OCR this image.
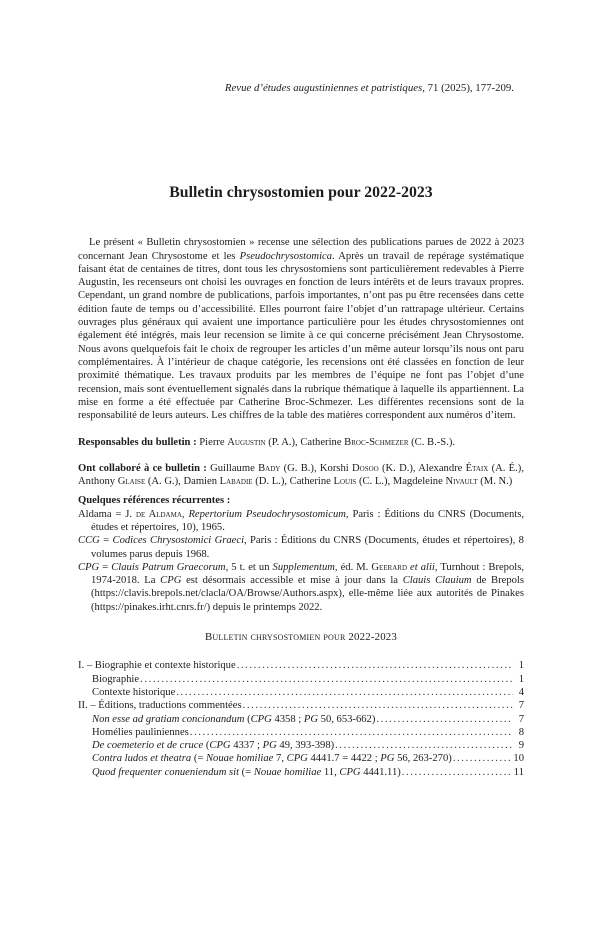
Revue d’études augustiniennes et patristiques, 71 (2025), 177-209.
Bulletin chrysostomien pour 2022-2023

Le présent « Bulletin chrysostomien » recense une sélection des publications parues de 2022 à 2023 concernant Jean Chrysostome et les Pseudochrysostomica. Après un travail de repérage systématique faisant état de centaines de titres, dont tous les chrysostomiens sont particulièrement redevables à Pierre Augustin, les recenseurs ont choisi les ouvrages en fonction de leurs intérêts et de leurs travaux propres. Cependant, un grand nombre de publications, parfois importantes, n’ont pas pu être recensées dans cette édition faute de temps ou d’accessibilité. Elles pourront faire l’objet d’un rattrapage ultérieur. Certains ouvrages plus généraux qui avaient une importance particulière pour les études chrysostomiennes ont également été intégrés, mais leur recension se limite à ce qui concerne précisément Jean Chrysostome. Nous avons quelquefois fait le choix de regrouper les articles d’un même auteur lorsqu’ils nous ont paru complémentaires. À l’intérieur de chaque catégorie, les recensions ont été classées en fonction de leur proximité thématique. Les travaux produits par les membres de l’équipe ne font pas l’objet d’une recension, mais sont éventuellement signalés dans la rubrique thématique à laquelle ils appartiennent. La mise en forme a été effectuée par Catherine Broc-Schmezer. Les différentes recensions sont de la responsabilité de leurs auteurs. Les chiffres de la table des matières correspondent aux numéros d’item.

Responsables du bulletin : Pierre Augustin (P. A.), Catherine Broc-Schmezer (C. B.-S.).

Ont collaboré à ce bulletin : Guillaume Bady (G. B.), Korshi Dosoo (K. D.), Alexandre Étaix (A. É.), Anthony Glaise (A. G.), Damien Labadie (D. L.), Catherine Louis (C. L.), Magdeleine Nivault (M. N.)

Quelques références récurrentes :

Aldama = J. de Aldama, Repertorium Pseudochrysostomicum, Paris : Éditions du CNRS (Documents, études et répertoires, 10), 1965.

CCG = Codices Chrysostomici Graeci, Paris : Éditions du CNRS (Documents, études et répertoires), 8 volumes parus depuis 1968.

CPG = Clauis Patrum Graecorum, 5 t. et un Supplementum, éd. M. Geerard et alii, Turnhout : Brepols, 1974-2018. La CPG est désormais accessible et mise à jour dans la Clauis Clauium de Brepols (https://clavis.brepols.net/clacla/OA/Browse/Authors.aspx), elle-même liée aux autorités de Pinakes (https://pinakes.irht.cnrs.fr/) depuis le printemps 2022.

Bulletin chrysostomien pour 2022-2023

I. – Biographie et contexte historique .....	1
Biographie .....	1
Contexte historique .....	4
II. – Éditions, traductions commentées .....	7
Non esse ad gratiam concionandum (CPG 4358 ; PG 50, 653-662) .....	7
Homélies pauliniennes .....	8
De coemeterio et de cruce (CPG 4337 ; PG 49, 393-398) .....	9
Contra ludos et theatra (= Nouae homiliae 7, CPG 4441.7 = 4422 ; PG 56, 263-270) .....	10
Quod frequenter conueniendum sit (= Nouae homiliae 11, CPG 4441.11) .....	11
